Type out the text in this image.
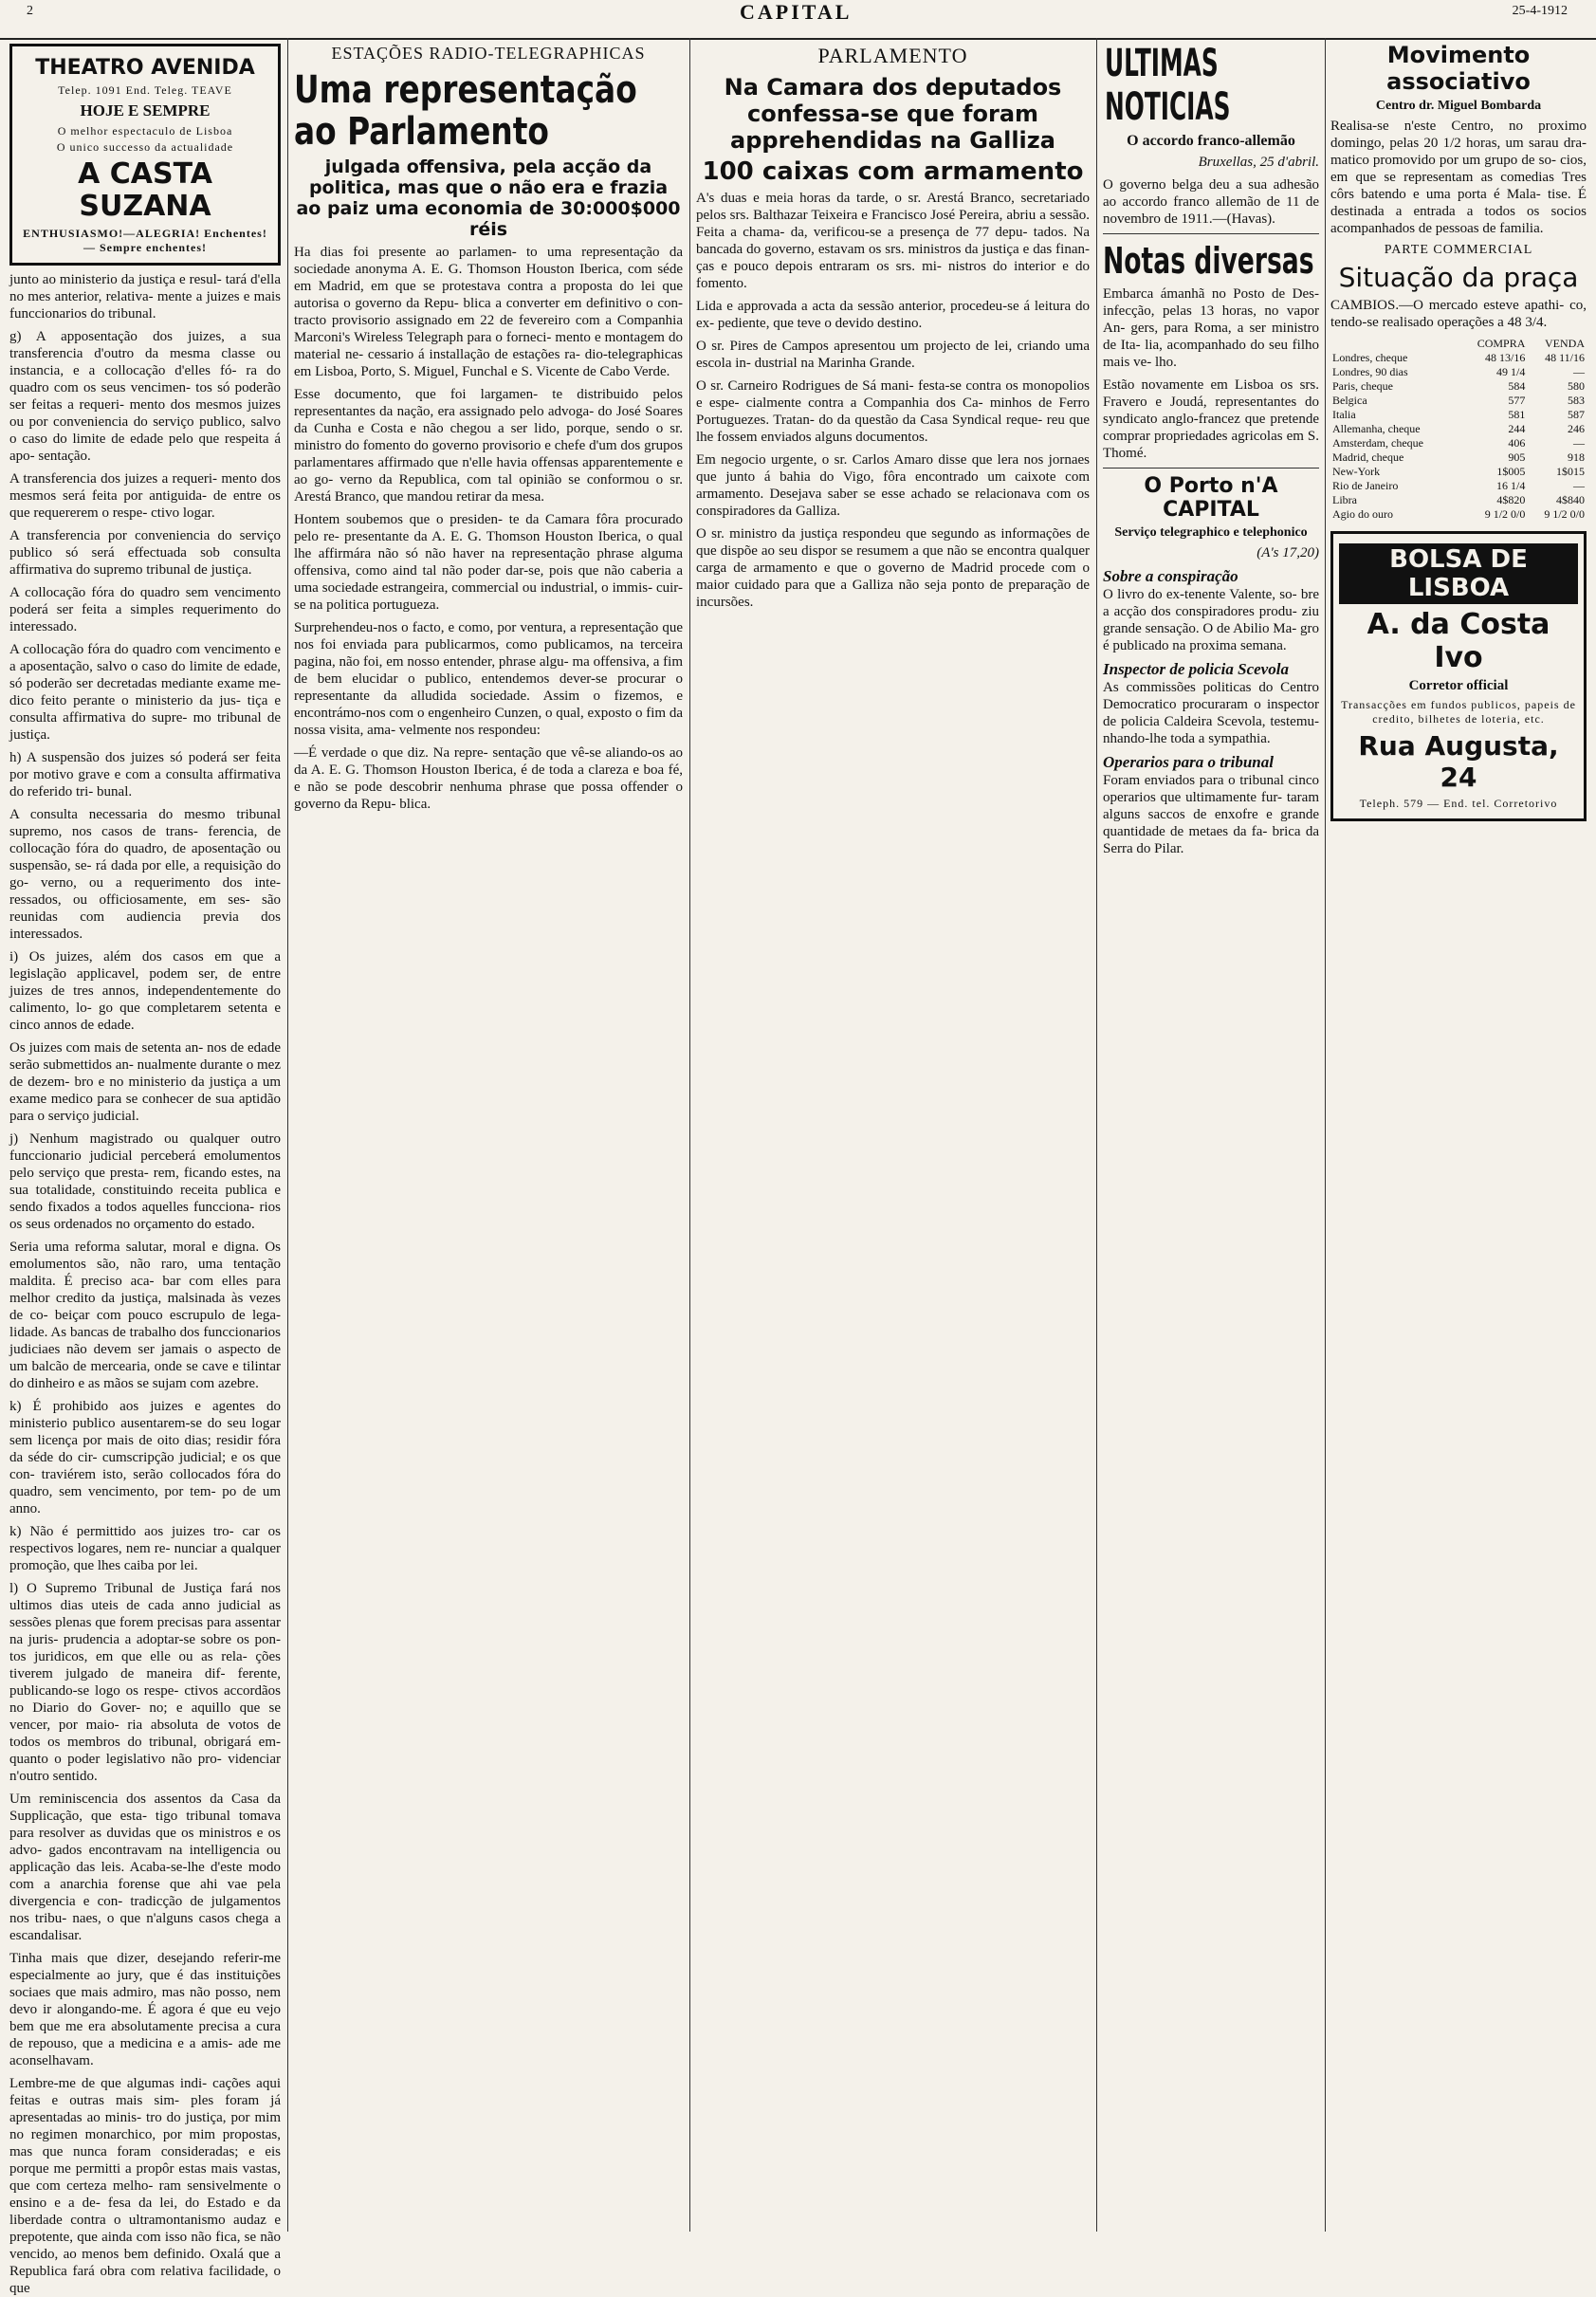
2	CAPITAL	25-4-1912
THEATRO AVENIDA
Telep. 1091 End. Teleg. TEAVE
HOJE E SEMPRE
O melhor espectaculo de Lisboa
O unico successo da actualidade
A CASTA SUZANA
ENTHUSIASMO!—ALEGRIA! Enchentes! — Sempre enchentes!

junto ao ministerio da justiça e resul- tará d'ella no mes anterior, relativa- mente a juizes e mais funccionarios do tribunal.

g) A apposentação dos juizes, a sua transferencia d'outro da mesma classe ou instancia, e a collocação d'elles fó- ra do quadro com os seus vencimen- tos só poderão ser feitas a requeri- mento dos mesmos juizes ou por conveniencia do serviço publico, salvo o caso do limite de edade pelo que respeita á apo- sentação.

A transferencia dos juizes a requeri- mento dos mesmos será feita por antiguida- de entre os que requererem o respe- ctivo logar.

A transferencia por conveniencia do serviço publico só será effectuada sob consulta affirmativa do supremo tribunal de justiça.

A collocação fóra do quadro sem vencimento poderá ser feita a simples requerimento do interessado.

A collocação fóra do quadro com vencimento e a aposentação, salvo o caso do limite de edade, só poderão ser decretadas mediante exame me- dico feito perante o ministerio da jus- tiça e consulta affirmativa do supre- mo tribunal de justiça.

h) A suspensão dos juizes só poderá ser feita por motivo grave e com a consulta affirmativa do referido tri- bunal.

A consulta necessaria do mesmo tribunal supremo, nos casos de trans- ferencia, de collocação fóra do quadro, de aposentação ou suspensão, se- rá dada por elle, a requisição do go- verno, ou a requerimento dos inte- ressados, ou officiosamente, em ses- são reunidas com audiencia previa dos interessados.

i) Os juizes, além dos casos em que a legislação applicavel, podem ser, de entre juizes de tres annos, independentemente do calimento, lo- go que completarem setenta e cinco annos de edade.

Os juizes com mais de setenta an- nos de edade serão submettidos an- nualmente durante o mez de dezem- bro e no ministerio da justiça a um exame medico para se conhecer de sua aptidão para o serviço judicial.

j) Nenhum magistrado ou qualquer outro funccionario judicial perceberá emolumentos pelo serviço que presta- rem, ficando estes, na sua totalidade, constituindo receita publica e sendo fixados a todos aquelles funcciona- rios os seus ordenados no orçamento do estado.

Seria uma reforma salutar, moral e digna. Os emolumentos são, não raro, uma tentação maldita. É preciso aca- bar com elles para melhor credito da justiça, malsinada às vezes de co- beiçar com pouco escrupulo de lega- lidade. As bancas de trabalho dos funccionarios judiciaes não devem ser jamais o aspecto de um balcão de mercearia, onde se cave e tilintar do dinheiro e as mãos se sujam com azebre.

k) É prohibido aos juizes e agentes do ministerio publico ausentarem-se do seu logar sem licença por mais de oito dias; residir fóra da séde do cir- cumscripção judicial; e os que con- traviérem isto, serão collocados fóra do quadro, sem vencimento, por tem- po de um anno.

k) Não é permittido aos juizes tro- car os respectivos logares, nem re- nunciar a qualquer promoção, que lhes caiba por lei.

l) O Supremo Tribunal de Justiça fará nos ultimos dias uteis de cada anno judicial as sessões plenas que forem precisas para assentar na juris- prudencia a adoptar-se sobre os pon- tos juridicos, em que elle ou as rela- ções tiverem julgado de maneira dif- ferente, publicando-se logo os respe- ctivos accordãos no Diario do Gover- no; e aquillo que se vencer, por maio- ria absoluta de votos de todos os membros do tribunal, obrigará em- quanto o poder legislativo não pro- videnciar n'outro sentido.

Um reminiscencia dos assentos da Casa da Supplicação, que esta- tigo tribunal tomava para resolver as duvidas que os ministros e os advo- gados encontravam na intelligencia ou applicação das leis. Acaba-se-lhe d'este modo com a anarchia forense que ahi vae pela divergencia e con- tradicção de julgamentos nos tribu- naes, o que n'alguns casos chega a escandalisar.

Tinha mais que dizer, desejando referir-me especialmente ao jury, que é das instituições sociaes que mais admiro, mas não posso, nem devo ir alongando-me. É agora é que eu vejo bem que me era absolutamente precisa a cura de repouso, que a medicina e a amis- ade me aconselhavam.

Lembre-me de que algumas indi- cações aqui feitas e outras mais sim- ples foram já apresentadas ao minis- tro do justiça, por mim no regimen monarchico, por mim propostas, mas que nunca foram consideradas; e eis porque me permitti a propôr estas mais vastas, que com certeza melho- ram sensivelmente o ensino e a de- fesa da lei, do Estado e da liberdade contra o ultramontanismo audaz e prepotente, que ainda com isso não fica, se não vencido, ao menos bem definido. Oxalá que a Republica fará obra com relativa facilidade, o que

ESTAÇÕES RADIO-TELEGRAPHICAS
Uma representação ao Parlamento
julgada offensiva, pela acção da politica, mas que o não era e frazia ao paiz uma economia de 30:000$000 réis

Ha dias foi presente ao parlamen- to uma representação da sociedade anonyma A. E. G. Thomson Houston Iberica, com séde em Madrid, em que se protestava contra a proposta do lei que autorisa o governo da Repu- blica a converter em definitivo o con- tracto provisorio assignado em 22 de fevereiro com a Companhia Marconi's Wireless Telegraph para o forneci- mento e montagem do material ne- cessario á installação de estações ra- dio-telegraphicas em Lisboa, Porto, S. Miguel, Funchal e S. Vicente de Cabo Verde.

Esse documento, que foi largamen- te distribuido pelos representantes da nação, era assignado pelo advoga- do José Soares da Cunha e Costa e não chegou a ser lido, porque, sendo o sr. ministro do fomento do governo provisorio e chefe d'um dos grupos parlamentares affirmado que n'elle havia offensas apparentemente e ao go- verno da Republica, com tal opinião se conformou o sr. Arestá Branco, que mandou retirar da mesa.

Hontem soubemos que o presiden- te da Camara fôra procurado pelo re- presentante da A. E. G. Thomson Houston Iberica, o qual lhe affirmára não só não haver na representação phrase alguma offensiva, como aind tal não poder dar-se, pois que não caberia a uma sociedade estrangeira, commercial ou industrial, o immis- cuir-se na politica portugueza.

Surprehendeu-nos o facto, e como, por ventura, a representação que nos foi enviada para publicarmos, como publicamos, na terceira pagina, não foi, em nosso entender, phrase algu- ma offensiva, a fim de bem elucidar o publico, entendemos dever-se procurar o representante da alludida sociedade. Assim o fizemos, e encontrámo-nos com o engenheiro Cunzen, o qual, exposto o fim da nossa visita, ama- velmente nos respondeu:

—É verdade o que diz. Na repre- sentação que vê-se aliando-os ao da A. E. G. Thomson Houston Iberica, é de toda a clareza e boa fé, e não se pode descobrir nenhuma phrase que possa offender o governo da Repu- blica.

PARLAMENTO
Na Camara dos deputados confessa-se que foram apprehendidas na Galliza
100 caixas com armamento

A's duas e meia horas da tarde, o sr. Arestá Branco, secretariado pelos srs. Balthazar Teixeira e Francisco José Pereira, abriu a sessão. Feita a chama- da, verificou-se a presença de 77 depu- tados. Na bancada do governo, estavam os srs. ministros da justiça e das finan- ças e pouco depois entraram os srs. mi- nistros do interior e do fomento.

Lida e approvada a acta da sessão anterior, procedeu-se á leitura do ex- pediente, que teve o devido destino.

O sr. Pires de Campos apresentou um projecto de lei, criando uma escola in- dustrial na Marinha Grande.

O sr. Carneiro Rodrigues de Sá mani- festa-se contra os monopolios e espe- cialmente contra a Companhia dos Ca- minhos de Ferro Portuguezes. Tratan- do da questão da Casa Syndical reque- reu que lhe fossem enviados alguns documentos.

Em negocio urgente, o sr. Carlos Amaro disse que lera nos jornaes que junto á bahia do Vigo, fôra encontrado um caixote com armamento. Desejava saber se esse achado se relacionava com os conspiradores da Galliza.

O sr. ministro da justiça respondeu que segundo as informações de que dispõe ao seu dispor se resumem a que não se encontra qualquer carga de armamento e que o governo de Madrid procede com o maior cuidado para que a Galliza não seja ponto de preparação de incursões.

ULTIMAS NOTICIAS
O accordo franco-allemão
Bruxellas, 25 d'abril.

O governo belga deu a sua adhesão ao accordo franco allemão de 11 de novembro de 1911.—(Havas).

Notas diversas

Embarca ámanhã no Posto de Des- infecção, pelas 13 horas, no vapor An- gers, para Roma, a ser ministro de Ita- lia, acompanhado do seu filho mais ve- lho.

Estão novamente em Lisboa os srs. Fravero e Joudá, representantes do syndicato anglo-francez que pretende comprar propriedades agricolas em S. Thomé.

O Porto n'A CAPITAL
Serviço telegraphico e telephonico
(A's 17,20)
Sobre a conspiração

O livro do ex-tenente Valente, so- bre a acção dos conspiradores produ- ziu grande sensação. O de Abilio Ma- gro é publicado na proxima semana.

Inspector de policia Scevola

As commissões politicas do Centro Democratico procuraram o inspector de policia Caldeira Scevola, testemu- nhando-lhe toda a sympathia.

Operarios para o tribunal

Foram enviados para o tribunal cinco operarios que ultimamente fur- taram alguns saccos de enxofre e grande quantidade de metaes da fa- brica da Serra do Pilar.

Movimento associativo
Centro dr. Miguel Bombarda

Realisa-se n'este Centro, no proximo domingo, pelas 20 1/2 horas, um sarau dra- matico promovido por um grupo de so- cios, em que se representam as comedias Tres côrs batendo e uma porta é Mala- tise. É destinada a entrada a todos os socios acompanhados de pessoas de familia.

PARTE COMMERCIAL
Situação da praça

CAMBIOS.—O mercado esteve apathi- co, tendo-se realisado operações a 48 3/4.

	COMPRA	VENDA
Londres, cheque	48 13/16	48 11/16
Londres, 90 dias	49 1/4	—
Paris, cheque	584	580
Belgica	577	583
Italia	581	587
Allemanha, cheque	244	246
Amsterdam, cheque	406	—
Madrid, cheque	905	918
New-York	1$005	1$015
Rio de Janeiro	16 1/4	—
Libra	4$820	4$840
Agio do ouro	9 1/2 0/0	9 1/2 0/0
BOLSA DE LISBOA
A. da Costa Ivo
Corretor official
Transacções em fundos publicos, papeis de credito, bilhetes de loteria, etc.
Rua Augusta, 24
Teleph. 579 — End. tel. Corretorivo
